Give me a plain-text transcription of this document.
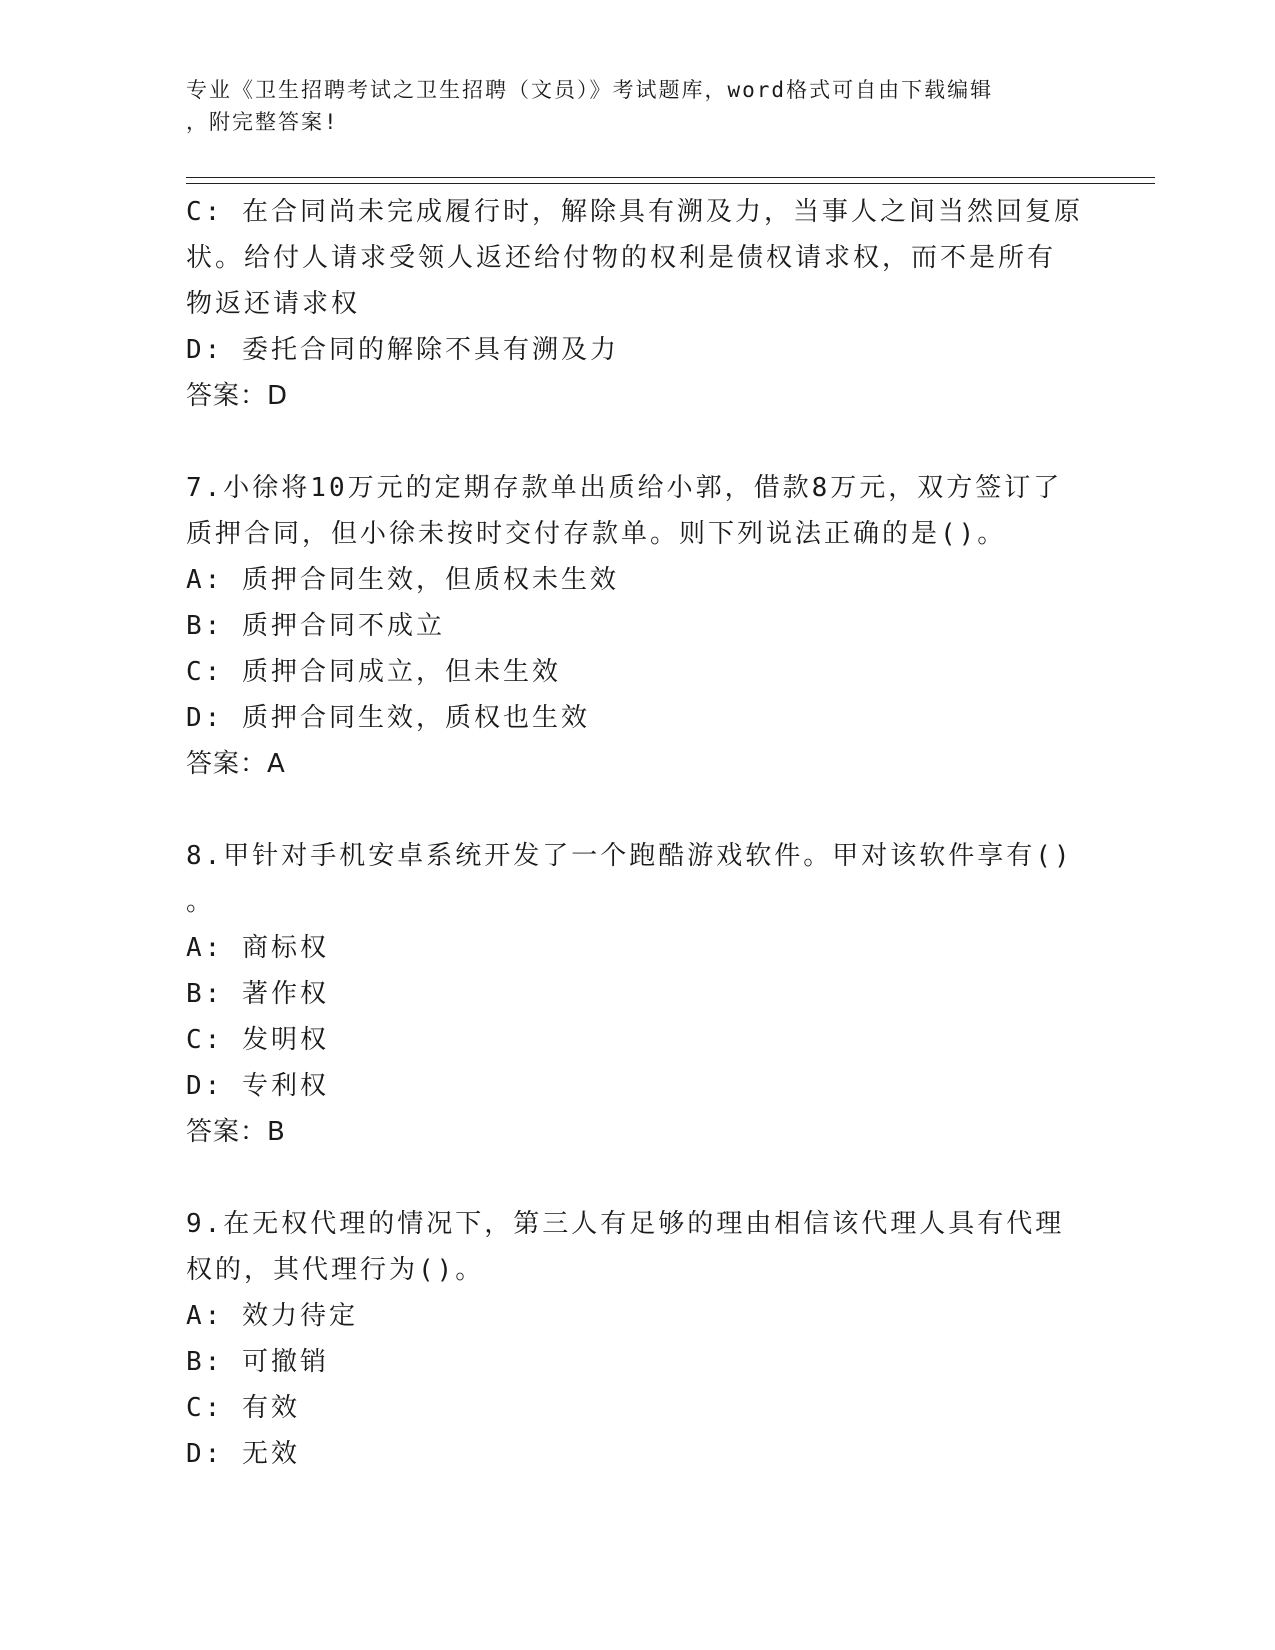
专业《卫生招聘考试之卫生招聘（文员）》考试题库，word格式可自由下载编辑
，附完整答案!
C: 在合同尚未完成履行时，解除具有溯及力，当事人之间当然回复原
状。给付人请求受领人返还给付物的权利是债权请求权，而不是所有
物返还请求权
D: 委托合同的解除不具有溯及力
答案：D
7.小徐将10万元的定期存款单出质给小郭，借款8万元，双方签订了
质押合同，但小徐未按时交付存款单。则下列说法正确的是()。
A: 质押合同生效，但质权未生效
B: 质押合同不成立
C: 质押合同成立，但未生效
D: 质押合同生效，质权也生效
答案：A
8.甲针对手机安卓系统开发了一个跑酷游戏软件。甲对该软件享有()
。
A: 商标权
B: 著作权
C: 发明权
D: 专利权
答案：B
9.在无权代理的情况下，第三人有足够的理由相信该代理人具有代理
权的，其代理行为()。
A: 效力待定
B: 可撤销
C: 有效
D: 无效
